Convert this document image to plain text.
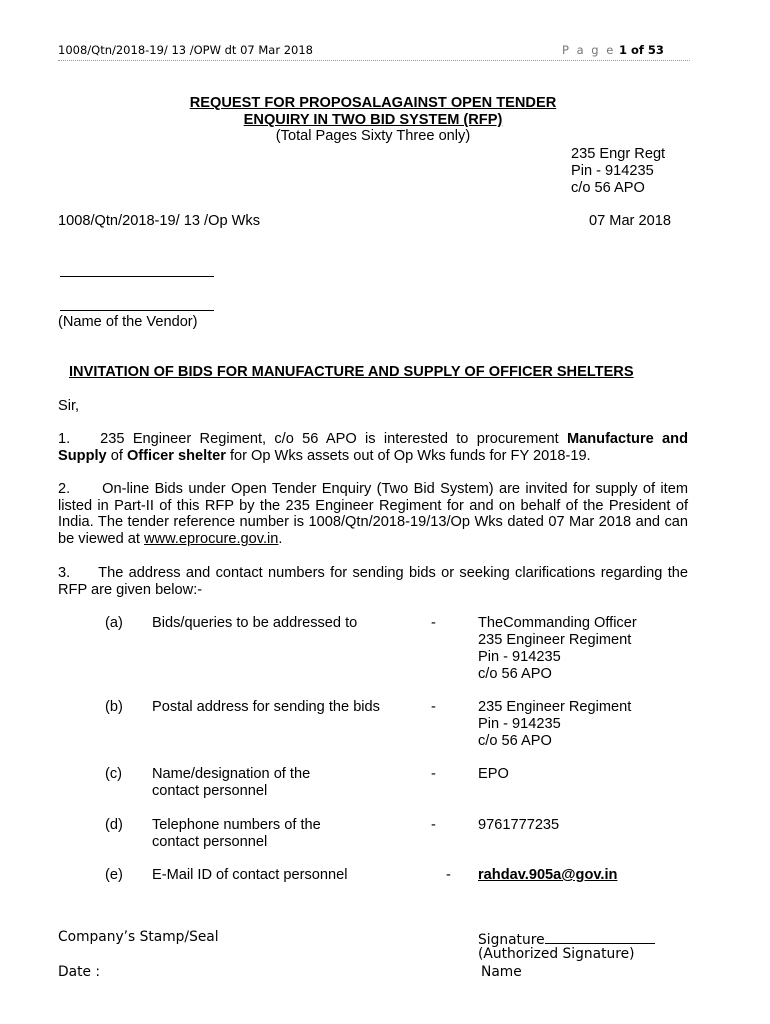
1008/Qtn/2018-19/ 13 /OPW dt 07 Mar 2018	P a g e 1 of 53
REQUEST FOR PROPOSALAGAINST OPEN TENDER
ENQUIRY IN TWO BID SYSTEM (RFP)
(Total Pages Sixty Three only)
235 Engr Regt
Pin - 914235
c/o 56 APO
1008/Qtn/2018-19/ 13 /Op Wks	07 Mar 2018
(Name of the Vendor)
INVITATION OF BIDS FOR MANUFACTURE AND SUPPLY OF OFFICER SHELTERS
Sir,
1. 235 Engineer Regiment, c/o 56 APO is interested to procurement Manufacture and Supply of Officer shelter for Op Wks assets out of Op Wks funds for FY 2018-19.
2. On-line Bids under Open Tender Enquiry (Two Bid System) are invited for supply of item listed in Part-II of this RFP by the 235 Engineer Regiment for and on behalf of the President of India. The tender reference number is 1008/Qtn/2018-19/13/Op Wks dated 07 Mar 2018 and can be viewed at www.eprocure.gov.in.
3. The address and contact numbers for sending bids or seeking clarifications regarding the RFP are given below:-
(a) Bids/queries to be addressed to	-	TheCommanding Officer
235 Engineer Regiment
Pin - 914235
c/o 56 APO
(b) Postal address for sending the bids	-	235 Engineer Regiment
Pin - 914235
c/o 56 APO
(c) Name/designation of the
contact personnel
-	EPO
(d) Telephone numbers of the
contact personnel
-	9761777235
(e) E-Mail ID of contact personnel	- rahdav.905a@gov.in
Company’s Stamp/Seal
Date :
Signature
(Authorized Signature)
Name
